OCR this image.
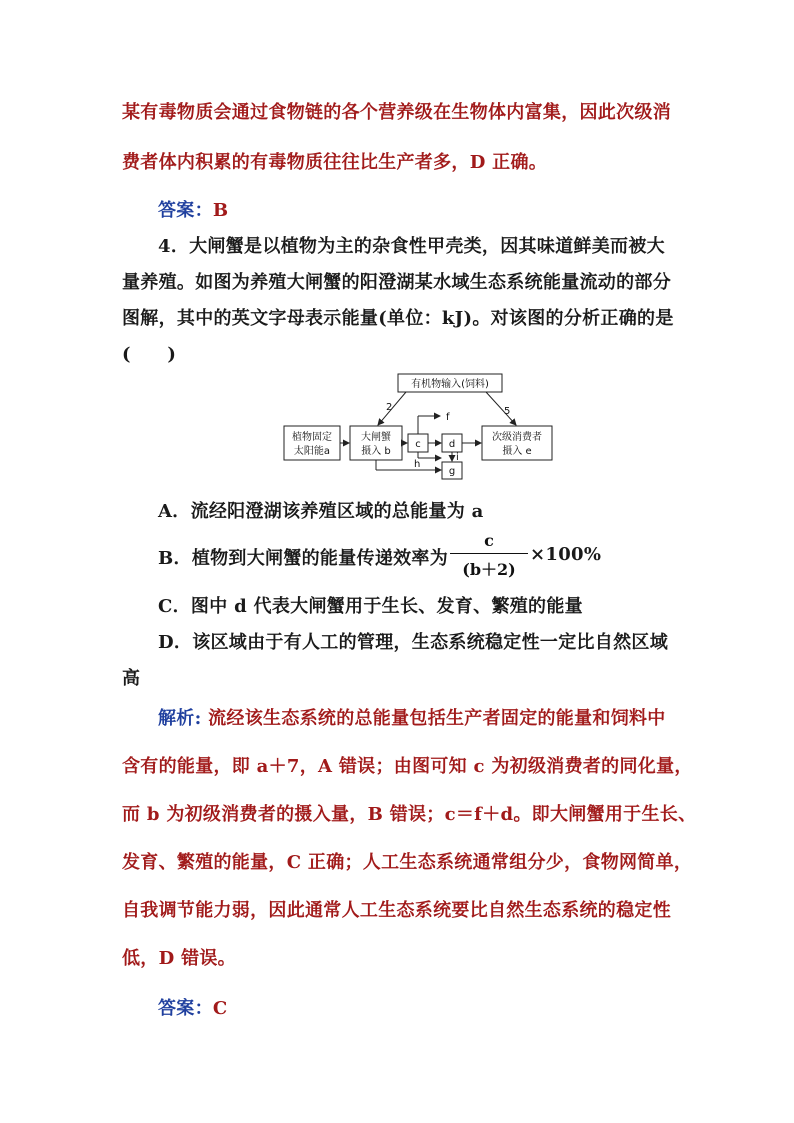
某有毒物质会通过食物链的各个营养级在生物体内富集，因此次级消
费者体内积累的有毒物质往往比生产者多，D 正确。
答案：B
4．大闸蟹是以植物为主的杂食性甲壳类，因其味道鲜美而被大
量养殖。如图为养殖大闸蟹的阳澄湖某水域生态系统能量流动的部分
图解，其中的英文字母表示能量(单位：kJ)。对该图的分析正确的是
(　　)
有机物输入(饲料)
植物固定
太阳能a
大闸蟹
摄入 b
c	d
g
f
h
i
次级消费者
摄入 e
2	5
A．流经阳澄湖该养殖区域的总能量为 a
B．植物到大闸蟹的能量传递效率为
c
(b＋2)
×100%
C．图中 d 代表大闸蟹用于生长、发育、繁殖的能量
D．该区域由于有人工的管理，生态系统稳定性一定比自然区域
高
解析: 流经该生态系统的总能量包括生产者固定的能量和饲料中
含有的能量，即 a＋7，A 错误；由图可知 c 为初级消费者的同化量，
而 b 为初级消费者的摄入量，B 错误；c＝f＋d。即大闸蟹用于生长、
发育、繁殖的能量，C 正确；人工生态系统通常组分少，食物网简单，
自我调节能力弱，因此通常人工生态系统要比自然生态系统的稳定性
低，D 错误。
答案：C
